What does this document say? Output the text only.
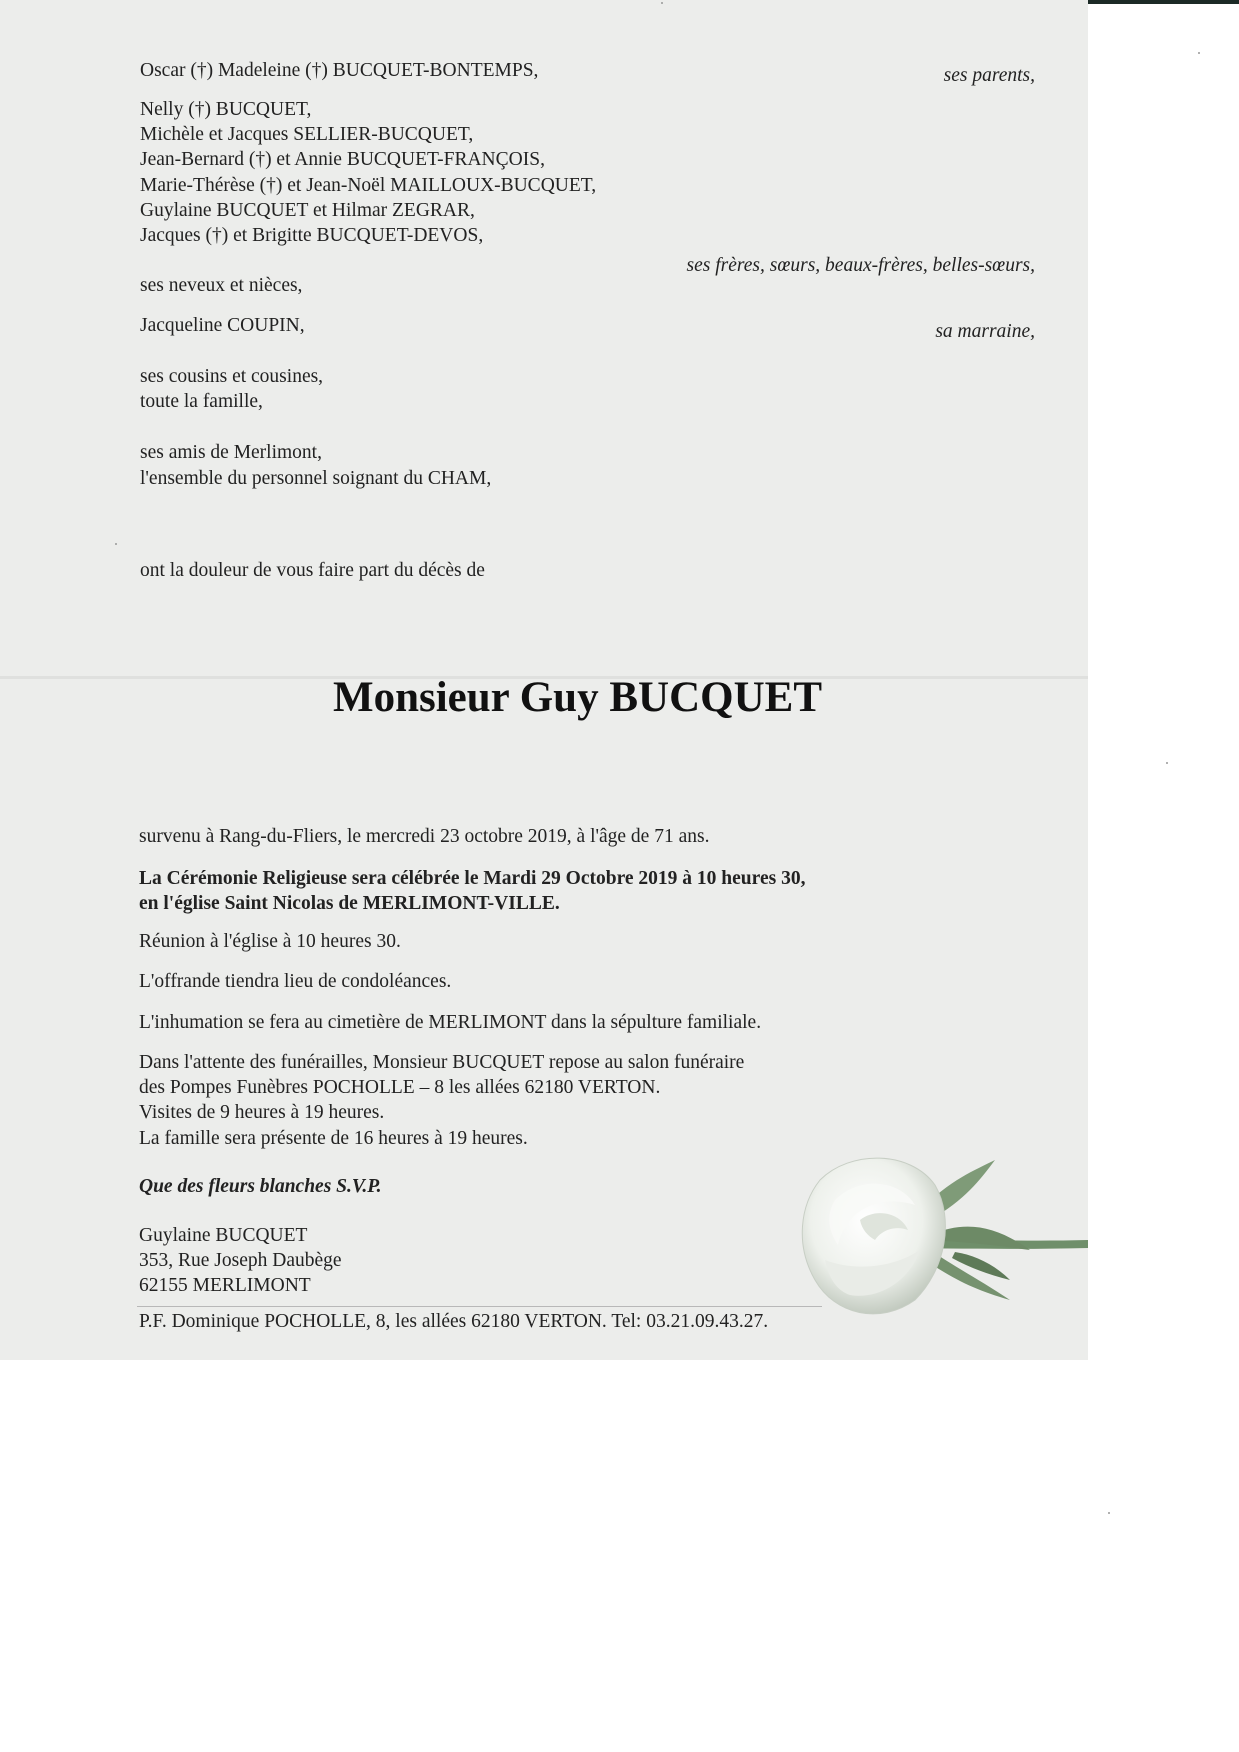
Oscar (†) Madeleine (†) BUCQUET-BONTEMPS,	ses parents,
Nelly (†) BUCQUET,
Michèle et Jacques SELLIER-BUCQUET,
Jean-Bernard (†) et Annie BUCQUET-FRANÇOIS,
Marie-Thérèse (†) et Jean-Noël MAILLOUX-BUCQUET,
Guylaine BUCQUET et Hilmar ZEGRAR,
Jacques (†) et Brigitte BUCQUET-DEVOS,
ses frères, sœurs, beaux-frères, belles-sœurs,
ses neveux et nièces,
Jacqueline COUPIN,	sa marraine,
ses cousins et cousines,
toute la famille,
ses amis de Merlimont,
l'ensemble du personnel soignant du CHAM,
ont la douleur de vous faire part du décès de
Monsieur Guy BUCQUET
survenu à Rang-du-Fliers, le mercredi 23 octobre 2019, à l'âge de 71 ans.
La Cérémonie Religieuse sera célébrée le Mardi 29 Octobre 2019 à 10 heures 30,
en l'église Saint Nicolas de MERLIMONT-VILLE.
Réunion à l'église à 10 heures 30.
L'offrande tiendra lieu de condoléances.
L'inhumation se fera au cimetière de MERLIMONT dans la sépulture familiale.
Dans l'attente des funérailles, Monsieur BUCQUET repose au salon funéraire
des Pompes Funèbres POCHOLLE – 8 les allées 62180 VERTON.
Visites de 9 heures à 19 heures.
La famille sera présente de 16 heures à 19 heures.
Que des fleurs blanches S.V.P.
Guylaine BUCQUET
353, Rue Joseph Daubège
62155 MERLIMONT
P.F. Dominique POCHOLLE, 8, les allées 62180 VERTON. Tel: 03.21.09.43.27.
